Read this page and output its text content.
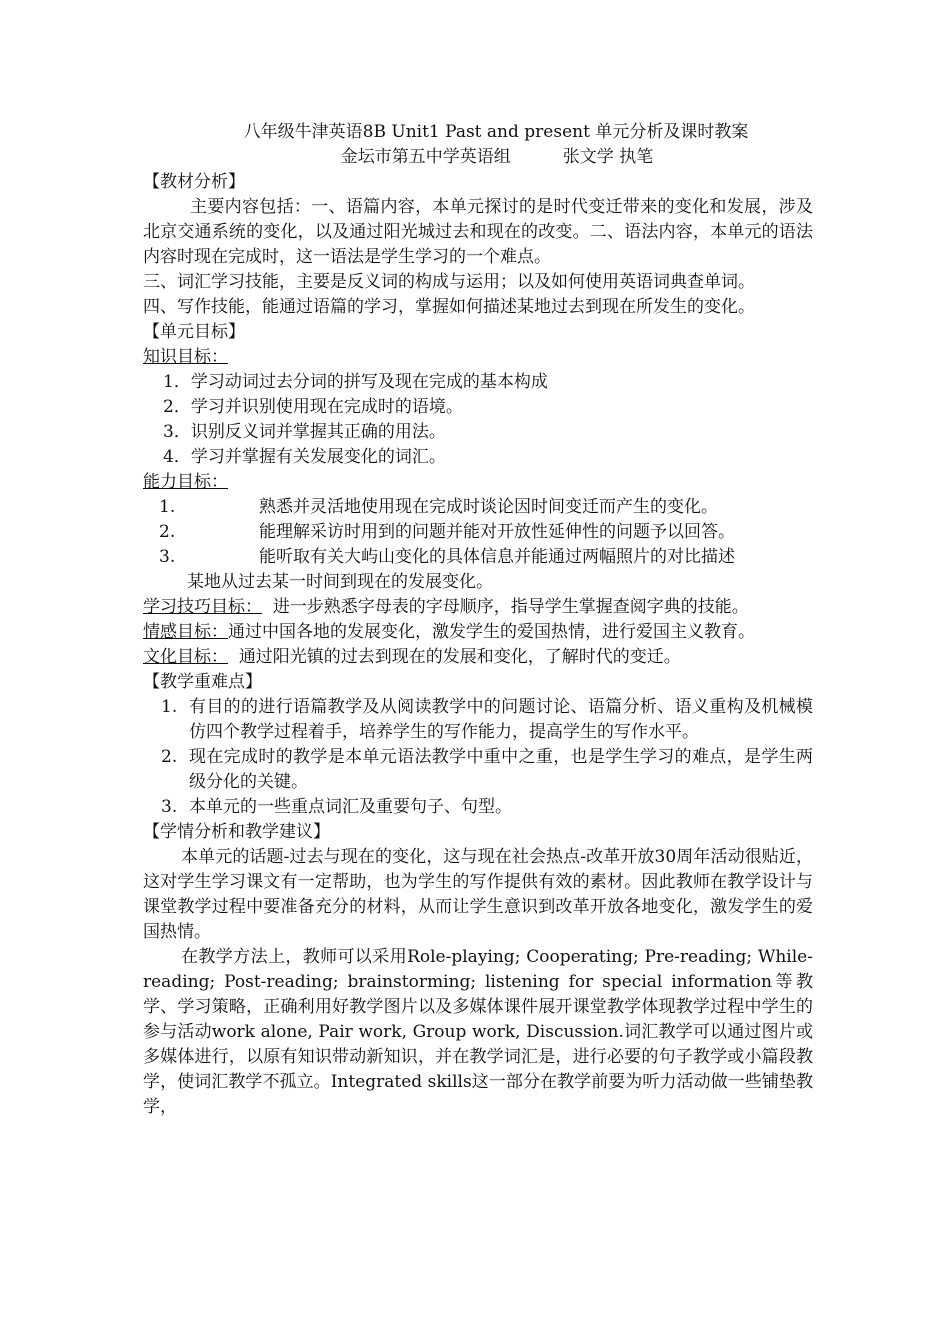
八年级牛津英语8B Unit1 Past and present 单元分析及课时教案

金坛市第五中学英语组	张文学 执笔

【教材分析】

主要内容包括：一、语篇内容，本单元探讨的是时代变迁带来的变化和发展，涉及北京交通系统的变化，以及通过阳光城过去和现在的改变。二、语法内容，本单元的语法内容时现在完成时，这一语法是学生学习的一个难点。

三、词汇学习技能，主要是反义词的构成与运用；以及如何使用英语词典查单词。

四、写作技能，能通过语篇的学习，掌握如何描述某地过去到现在所发生的变化。

【单元目标】

知识目标：

1．学习动词过去分词的拼写及现在完成的基本构成

2．学习并识别使用现在完成时的语境。

3．识别反义词并掌握其正确的用法。

4．学习并掌握有关发展变化的词汇。

能力目标：

1.	熟悉并灵活地使用现在完成时谈论因时间变迁而产生的变化。
2.	能理解采访时用到的问题并能对开放性延伸性的问题予以回答。
3.	能听取有关大屿山变化的具体信息并能通过两幅照片的对比描述

某地从过去某一时间到现在的发展变化。

学习技巧目标： 进一步熟悉字母表的字母顺序，指导学生掌握查阅字典的技能。

情感目标：通过中国各地的发展变化，激发学生的爱国热情，进行爱国主义教育。

文化目标： 通过阳光镇的过去到现在的发展和变化，了解时代的变迁。

【教学重难点】

1. 有目的的进行语篇教学及从阅读教学中的问题讨论、语篇分析、语义重构及机械模仿四个教学过程着手，培养学生的写作能力，提高学生的写作水平。
2. 现在完成时的教学是本单元语法教学中重中之重，也是学生学习的难点，是学生两级分化的关键。
3. 本单元的一些重点词汇及重要句子、句型。

【学情分析和教学建议】

本单元的话题-过去与现在的变化，这与现在社会热点-改革开放30周年活动很贴近，这对学生学习课文有一定帮助，也为学生的写作提供有效的素材。因此教师在教学设计与课堂教学过程中要准备充分的材料，从而让学生意识到改革开放各地变化，激发学生的爱国热情。

在教学方法上，教师可以采用Role-playing; Cooperating; Pre-reading; While-reading; Post-reading; brainstorming; listening for special information等教学、学习策略，正确利用好教学图片以及多媒体课件展开课堂教学体现教学过程中学生的参与活动work alone, Pair work, Group work, Discussion.词汇教学可以通过图片或多媒体进行，以原有知识带动新知识，并在教学词汇是，进行必要的句子教学或小篇段教学，使词汇教学不孤立。Integrated skills这一部分在教学前要为听力活动做一些铺垫教学，
